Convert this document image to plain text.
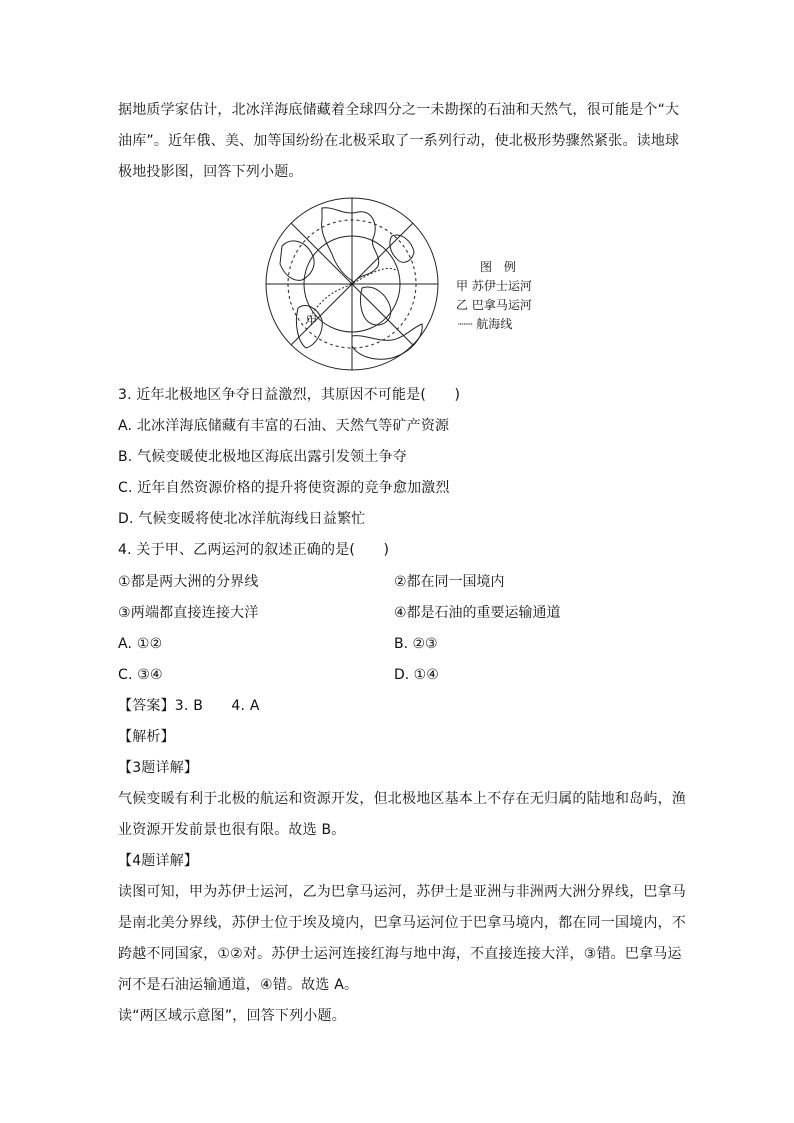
据地质学家估计，北冰洋海底储藏着全球四分之一未勘探的石油和天然气，很可能是个“大
油库”。近年俄、美、加等国纷纷在北极采取了一系列行动，使北极形势骤然紧张。读地球
极地投影图，回答下列小题。
甲
图 例
甲 苏伊士运河
乙 巴拿马运河
┈┈ 航海线
3. 近年北极地区争夺日益激烈，其原因不可能是(　　)
A. 北冰洋海底储藏有丰富的石油、天然气等矿产资源
B. 气候变暖使北极地区海底出露引发领土争夺
C. 近年自然资源价格的提升将使资源的竞争愈加激烈
D. 气候变暖将使北冰洋航海线日益繁忙
4. 关于甲、乙两运河的叙述正确的是(　　)
①都是两大洲的分界线	②都在同一国境内
③两端都直接连接大洋	④都是石油的重要运输通道
A. ①②	B. ②③
C. ③④	D. ①④
【答案】3. B　　4. A
【解析】
【3题详解】
气候变暖有利于北极的航运和资源开发，但北极地区基本上不存在无归属的陆地和岛屿，渔
业资源开发前景也很有限。故选 B。
【4题详解】
读图可知，甲为苏伊士运河，乙为巴拿马运河，苏伊士是亚洲与非洲两大洲分界线，巴拿马
是南北美分界线，苏伊士位于埃及境内，巴拿马运河位于巴拿马境内，都在同一国境内，不
跨越不同国家，①②对。苏伊士运河连接红海与地中海，不直接连接大洋，③错。巴拿马运
河不是石油运输通道，④错。故选 A。
读“两区域示意图”，回答下列小题。
